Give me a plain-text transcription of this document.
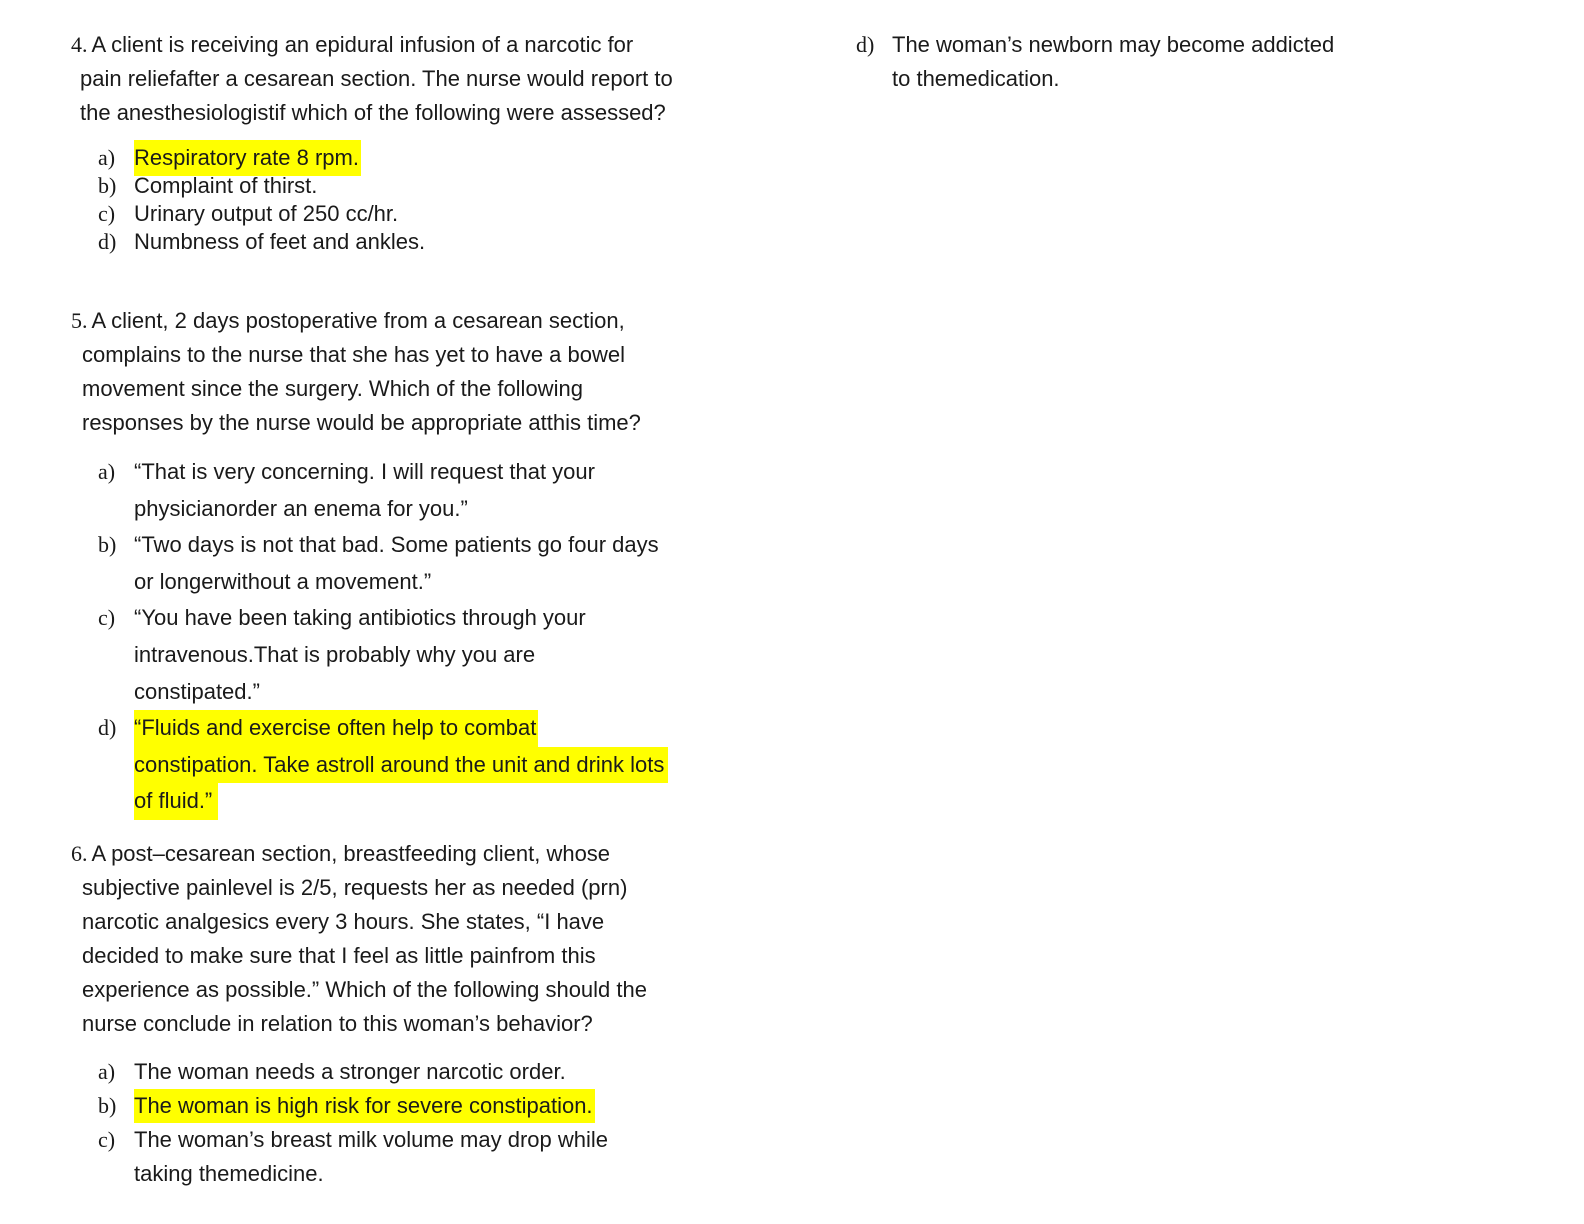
4. A client is receiving an epidural infusion of a narcotic for
pain reliefafter a cesarean section. The nurse would report to
the anesthesiologistif which of the following were assessed?
a) Respiratory rate 8 rpm.
b) Complaint of thirst.
c) Urinary output of 250 cc/hr.
d) Numbness of feet and ankles.
5. A client, 2 days postoperative from a cesarean section,
complains to the nurse that she has yet to have a bowel
movement since the surgery. Which of the following
responses by the nurse would be appropriate atthis time?
a) “That is very concerning. I will request that your
physicianorder an enema for you.”
b) “Two days is not that bad. Some patients go four days
or longerwithout a movement.”
c) “You have been taking antibiotics through your
intravenous.That is probably why you are
constipated.”
d) “Fluids and exercise often help to combat
constipation. Take astroll around the unit and drink lots
of fluid.”
6. A post–cesarean section, breastfeeding client, whose
subjective painlevel is 2/5, requests her as needed (prn)
narcotic analgesics every 3 hours. She states, “I have
decided to make sure that I feel as little painfrom this
experience as possible.” Which of the following should the
nurse conclude in relation to this woman’s behavior?
a) The woman needs a stronger narcotic order.
b) The woman is high risk for severe constipation.
c) The woman’s breast milk volume may drop while
taking themedicine.
d) The woman’s newborn may become addicted
to themedication.
